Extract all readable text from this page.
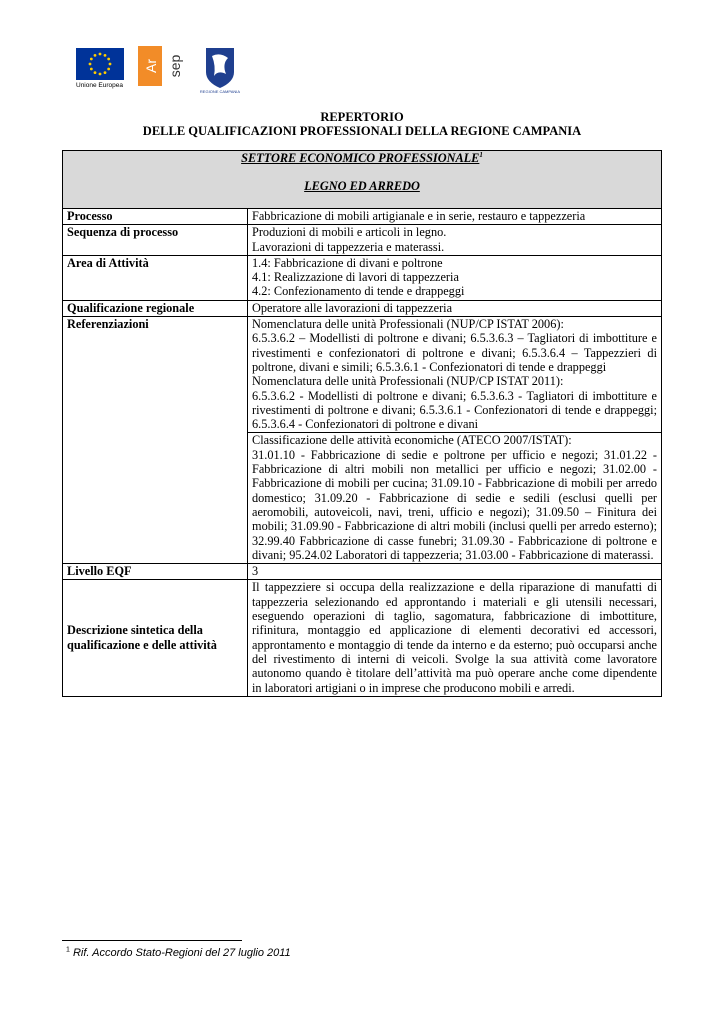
Unione Europea
Ar sep
REGIONE CAMPANIA
REPERTORIO
DELLE QUALIFICAZIONI PROFESSIONALI DELLA REGIONE CAMPANIA
SETTORE ECONOMICO PROFESSIONALE$^1$
LEGNO ED ARREDO	
Processo	Fabbricazione di mobili artigianale e in serie, restauro e tappezzeria
Sequenza di processo	Produzioni di mobili e articoli in legno.
Lavorazioni di tappezzeria e materassi.

Area di Attività	1.4: Fabbricazione di divani e poltrone
4.1: Realizzazione di lavori di tappezzeria
4.2: Confezionamento di tende e drappeggi

Qualificazione regionale	Operatore alle lavorazioni di tappezzeria
Referenziazioni	Nomenclatura delle unità Professionali (NUP/CP ISTAT 2006):
6.5.3.6.2 – Modellisti di poltrone e divani; 6.5.3.6.3 – Tagliatori di imbottiture e rivestimenti e confezionatori di poltrone e divani; 6.5.3.6.4 – Tappezzieri di poltrone, divani e simili; 6.5.3.6.1 - Confezionatori di tende e drappeggi
Nomenclatura delle unità Professionali (NUP/CP ISTAT 2011):
6.5.3.6.2 - Modellisti di poltrone e divani; 6.5.3.6.3 - Tagliatori di imbottiture e rivestimenti di poltrone e divani; 6.5.3.6.1 - Confezionatori di tende e drappeggi; 6.5.3.6.4 - Confezionatori di poltrone e divani

	Classificazione delle attività economiche (ATECO 2007/ISTAT):
31.01.10 - Fabbricazione di sedie e poltrone per ufficio e negozi; 31.01.22 - Fabbricazione di altri mobili non metallici per ufficio e negozi; 31.02.00 - Fabbricazione di mobili per cucina; 31.09.10 - Fabbricazione di mobili per arredo domestico; 31.09.20 - Fabbricazione di sedie e sedili (esclusi quelli per aeromobili, autoveicoli, navi, treni, ufficio e negozi); 31.09.50 – Finitura dei mobili; 31.09.90 - Fabbricazione di altri mobili (inclusi quelli per arredo esterno); 32.99.40 Fabbricazione di casse funebri; 31.09.30 - Fabbricazione di poltrone e divani; 95.24.02 Laboratori di tappezzeria; 31.03.00 - Fabbricazione di materassi.

Livello EQF	3
Descrizione sintetica della qualificazione e delle attività	Il tappezziere si occupa della realizzazione e della riparazione di manufatti di tappezzeria selezionando ed approntando i materiali e gli utensili necessari, eseguendo operazioni di taglio, sagomatura, fabbricazione di imbottiture, rifinitura, montaggio ed applicazione di elementi decorativi ed accessori, approntamento e montaggio di tende da interno e da esterno; può occuparsi anche del rivestimento di interni di veicoli. Svolge la sua attività come lavoratore autonomo quando è titolare dell’attività ma può operare anche come dipendente in laboratori artigiani o in imprese che producono mobili e arredi.
$^1$ Rif. Accordo Stato-Regioni del 27 luglio 2011
